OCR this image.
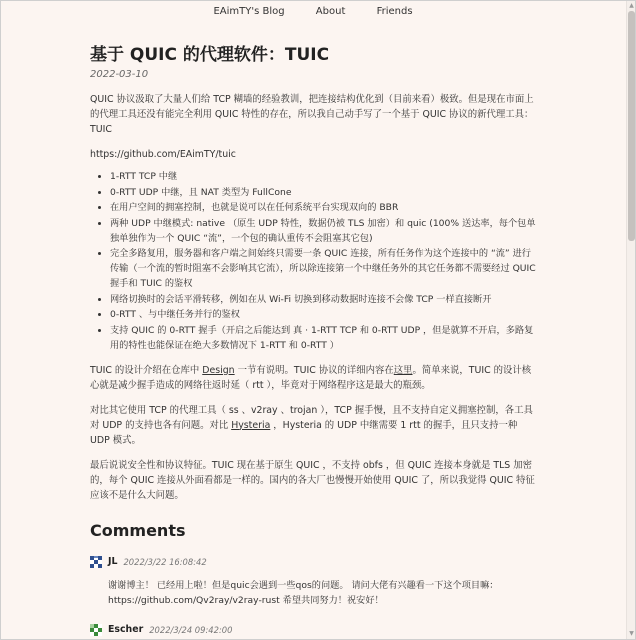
▲
▼
EAimTY's Blog	About	Friends
基于 QUIC 的代理软件：TUIC
2022-03-10

QUIC 协议汲取了大量人们给 TCP 糊墙的经验教训，把连接结构优化到（目前来看）极致。但是现在市面上的代理工具还没有能完全利用 QUIC 特性的存在，所以我自己动手写了一个基于 QUIC 协议的新代理工具：TUIC

https://github.com/EAimTY/tuic

• 1-RTT TCP 中继
• 0-RTT UDP 中继，且 NAT 类型为 FullCone
• 在用户空间的拥塞控制，也就是说可以在任何系统平台实现双向的 BBR
• 两种 UDP 中继模式: native （原生 UDP 特性，数据仍被 TLS 加密）和 quic (100% 送达率，每个包单独单独作为一个 QUIC “流”，一个包的确认重传不会阻塞其它包)
• 完全多路复用，服务器和客户端之间始终只需要一条 QUIC 连接，所有任务作为这个连接中的 “流” 进行传输（一个流的暂时阻塞不会影响其它流），所以除连接第一个中继任务外的其它任务都不需要经过 QUIC 握手和 TUIC 的鉴权
• 网络切换时的会话平滑转移，例如在从 Wi-Fi 切换到移动数据时连接不会像 TCP 一样直接断开
• 0-RTT 、与中继任务并行的鉴权
• 支持 QUIC 的 0-RTT 握手（开启之后能达到 真 · 1-RTT TCP 和 0-RTT UDP ，但是就算不开启，多路复用的特性也能保证在绝大多数情况下 1-RTT 和 0-RTT ）

TUIC 的设计介绍在仓库中 Design 一节有说明。TUIC 协议的详细内容在这里。简单来说，TUIC 的设计核心就是减少握手造成的网络往返时延（ rtt ），毕竟对于网络程序这是最大的瓶颈。

对比其它使用 TCP 的代理工具（ ss 、v2ray 、trojan ），TCP 握手慢，且不支持自定义拥塞控制，各工具对 UDP 的支持也各有问题。对比 Hysteria ，Hysteria 的 UDP 中继需要 1 rtt 的握手，且只支持一种 UDP 模式。

最后说说安全性和协议特征。TUIC 现在基于原生 QUIC ，不支持 obfs ，但 QUIC 连接本身就是 TLS 加密的，每个 QUIC 连接从外面看都是一样的。国内的各大厂也慢慢开始使用 QUIC 了，所以我觉得 QUIC 特征应该不是什么大问题。

Comments
JL 2022/3/22 16:08:42

谢谢博主！ 已经用上啦！但是quic会遇到一些qos的问题。 请问大佬有兴趣看一下这个项目嘛：https://github.com/Qv2ray/v2ray-rust 希望共同努力！祝安好！

Escher 2022/3/24 09:42:00
